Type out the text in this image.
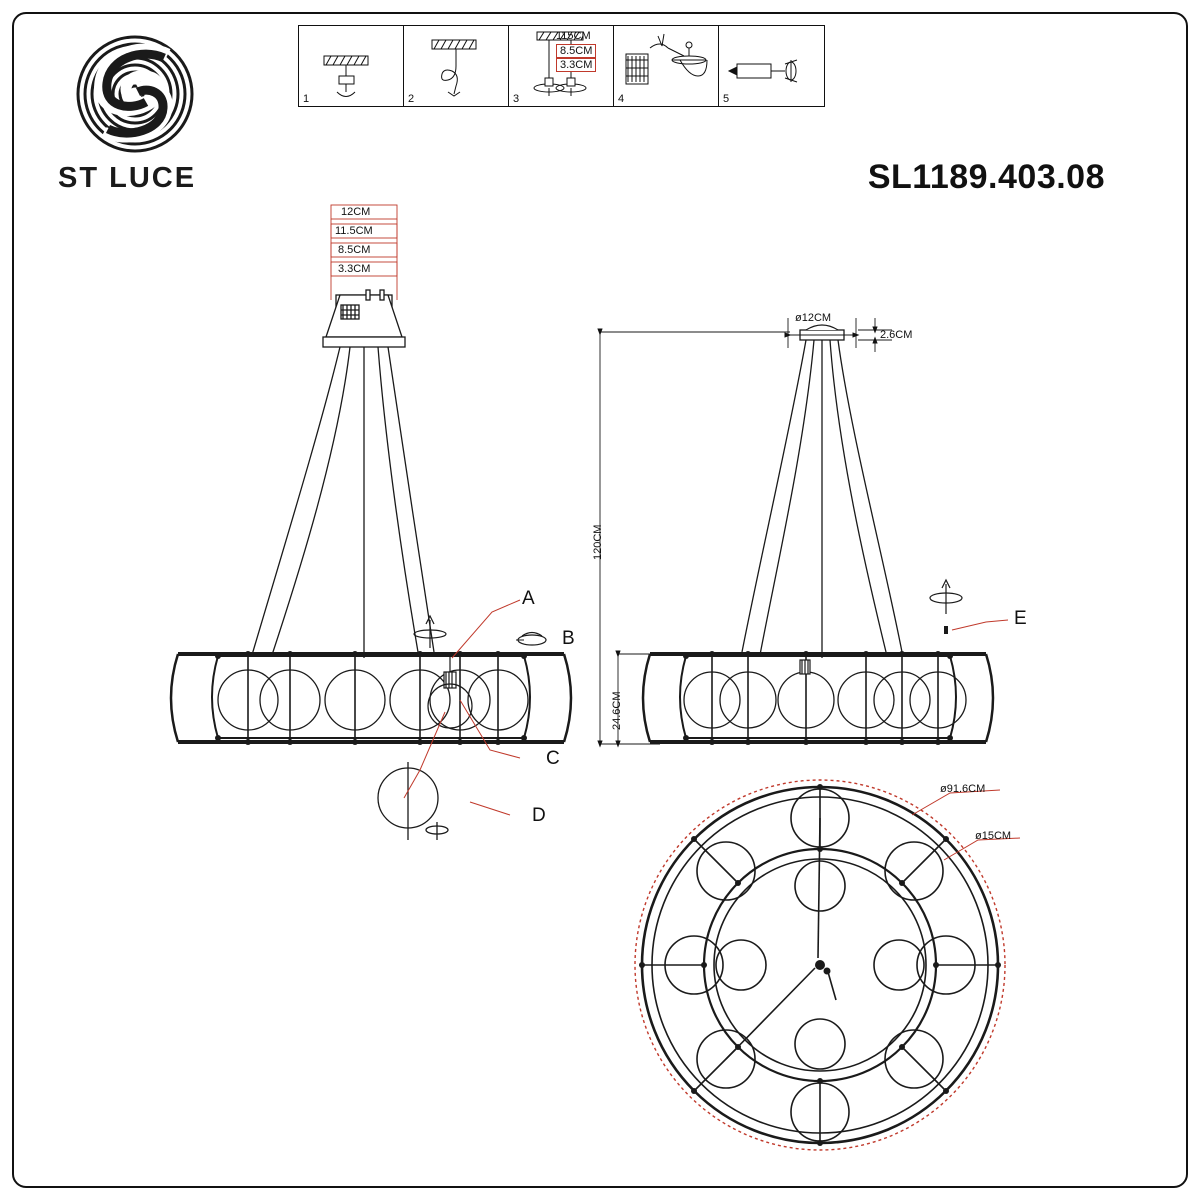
ST LUCE
1	2	3	4	5
115CM
8.5CM
3.3CM
SL1189.403.08
12CM
11.5CM
8.5CM
3.3CM
A
B
C
D
E
ø12CM
2.6CM
120CM
24.6CM
ø91.6CM
ø15CM
